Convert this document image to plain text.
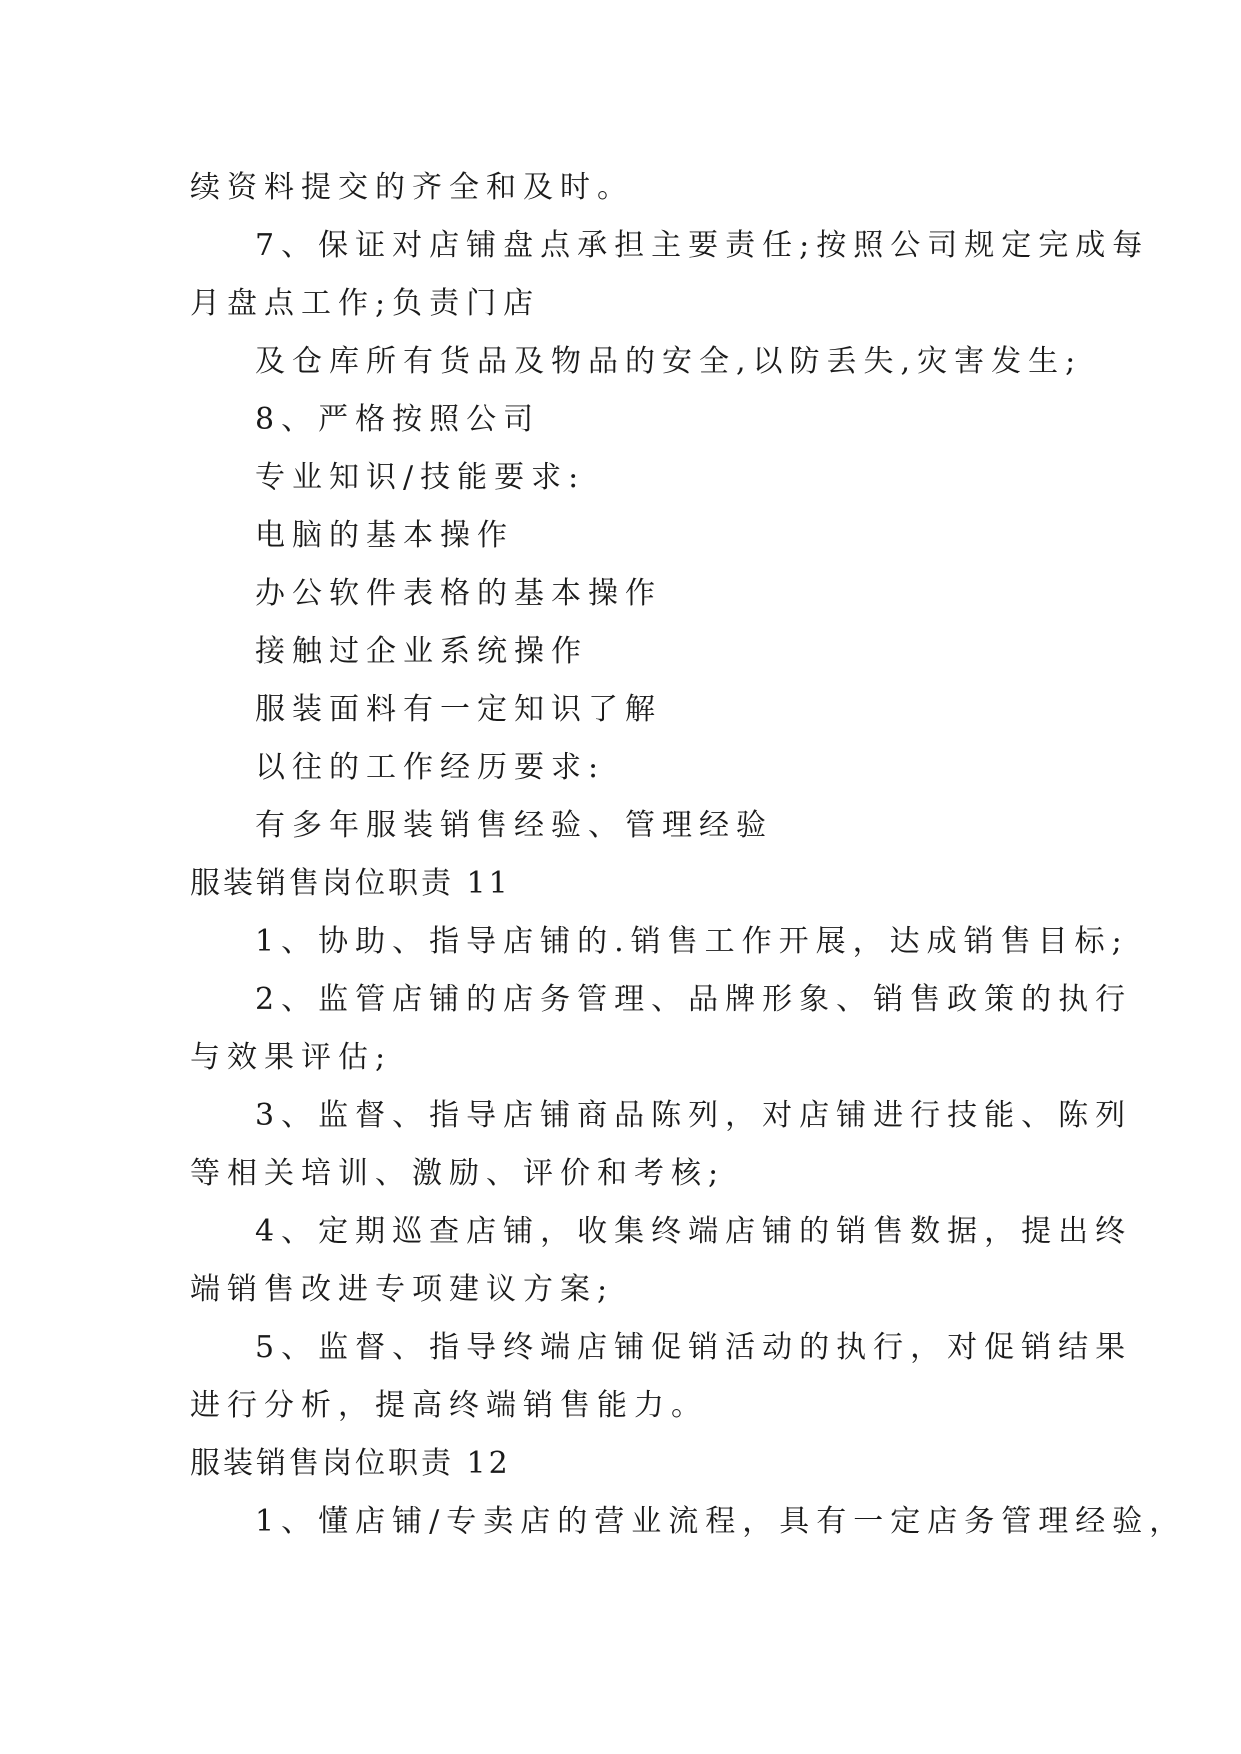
续资料提交的齐全和及时。
7、保证对店铺盘点承担主要责任;按照公司规定完成每
月盘点工作;负责门店
及仓库所有货品及物品的安全,以防丢失,灾害发生;
8、严格按照公司
专业知识/技能要求:
电脑的基本操作
办公软件表格的基本操作
接触过企业系统操作
服装面料有一定知识了解
以往的工作经历要求:
有多年服装销售经验、管理经验
服装销售岗位职责 11
1、协助、指导店铺的.销售工作开展，达成销售目标;
2、监管店铺的店务管理、品牌形象、销售政策的执行
与效果评估;
3、监督、指导店铺商品陈列，对店铺进行技能、陈列
等相关培训、激励、评价和考核;
4、定期巡查店铺，收集终端店铺的销售数据，提出终
端销售改进专项建议方案;
5、监督、指导终端店铺促销活动的执行，对促销结果
进行分析，提高终端销售能力。
服装销售岗位职责 12
1、懂店铺/专卖店的营业流程，具有一定店务管理经验，
